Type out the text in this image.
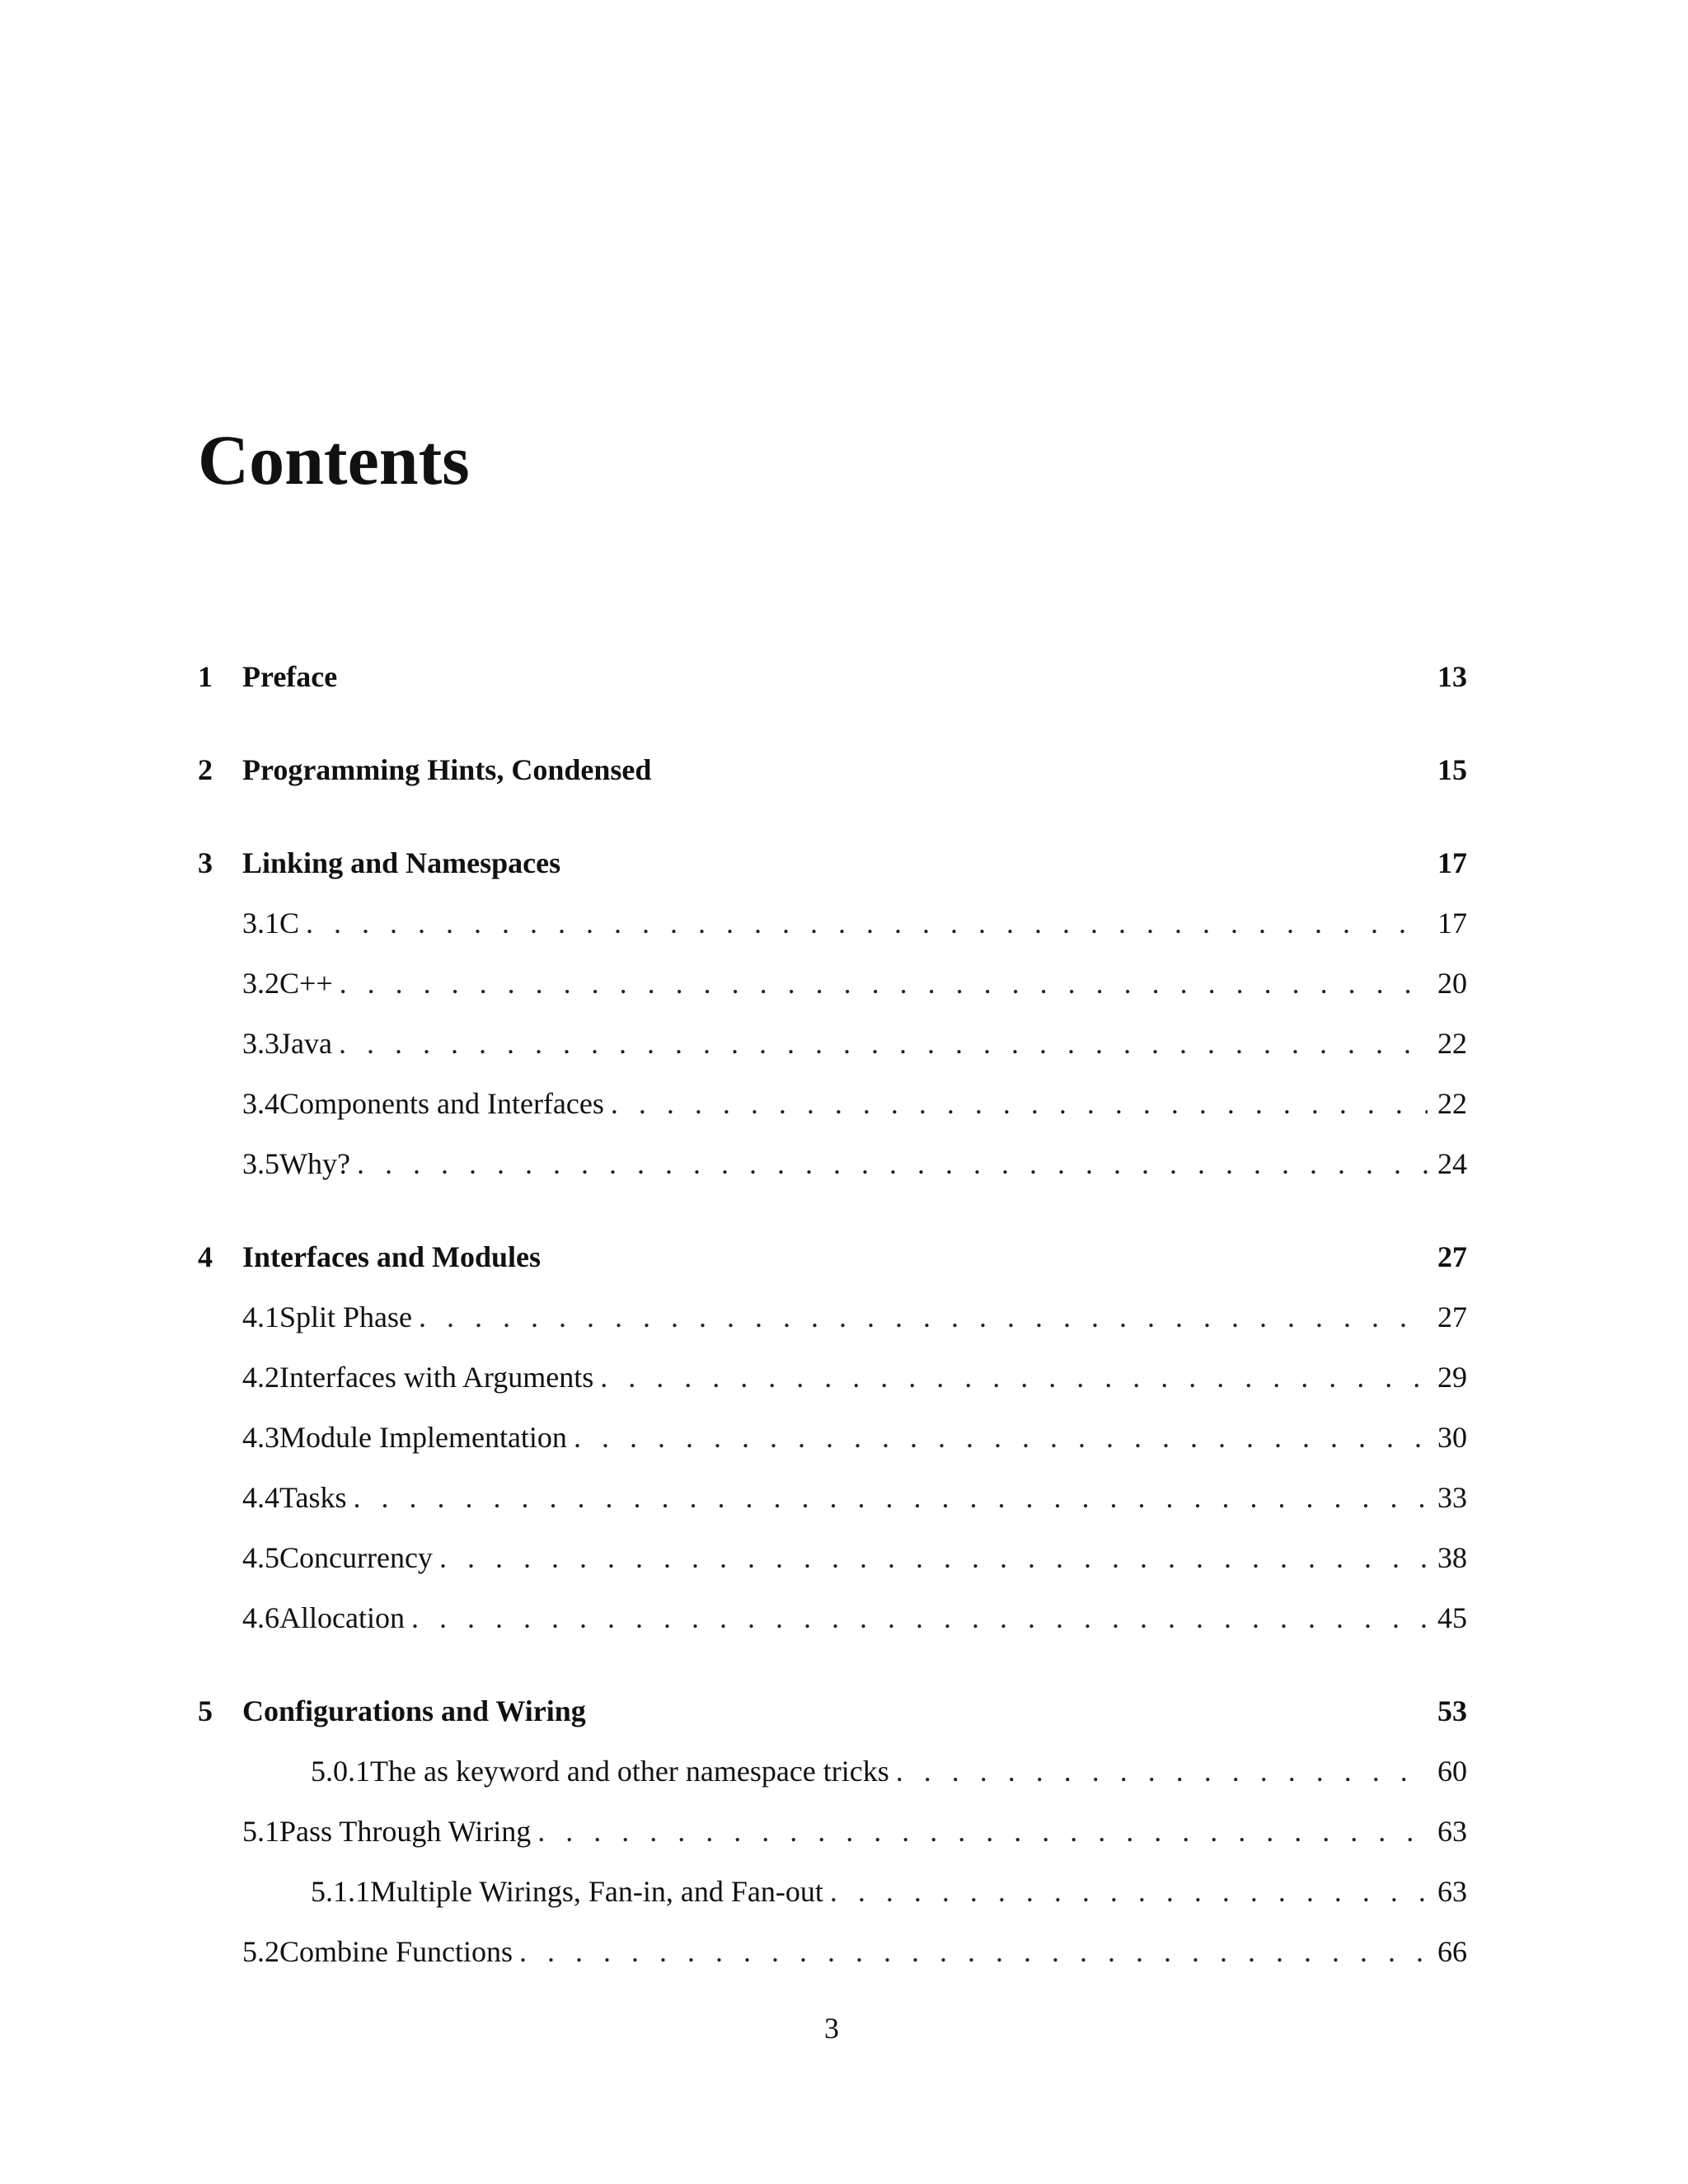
Contents
1	Preface	13
2	Programming Hints, Condensed	15
3	Linking and Namespaces	17
3.1 C . . .	17
3.2 C++ . . .	20
3.3 Java . . .	22
3.4 Components and Interfaces . . .	22
3.5 Why? . . .	24
4	Interfaces and Modules	27
4.1 Split Phase . . .	27
4.2 Interfaces with Arguments . . .	29
4.3 Module Implementation . . .	30
4.4 Tasks . . .	33
4.5 Concurrency . . .	38
4.6 Allocation . . .	45
5	Configurations and Wiring	53
5.0.1 The as keyword and other namespace tricks . . .	60
5.1 Pass Through Wiring . . .	63
5.1.1 Multiple Wirings, Fan-in, and Fan-out . . .	63
5.2 Combine Functions . . .	66
3
